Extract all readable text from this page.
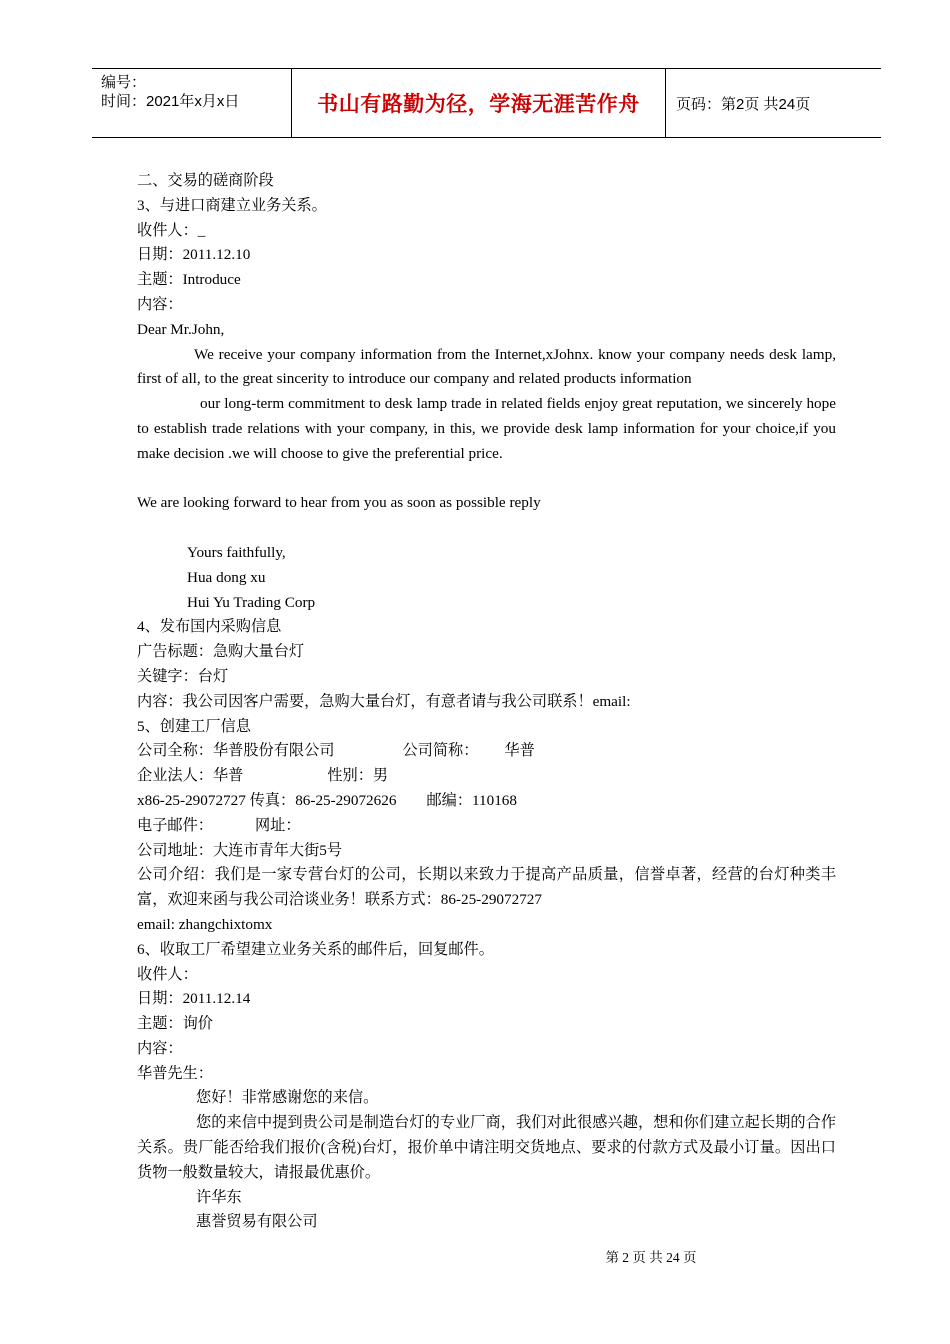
编号：
时间：2021年x月x日	书山有路勤为径，学海无涯苦作舟	页码：第2页 共24页

二、交易的磋商阶段

3、与进口商建立业务关系。

收件人：_

日期：2011.12.10

主题：Introduce

内容：

Dear Mr.John,

We receive your company information from the Internet,xJohnx. know your company needs desk lamp, first of all, to the great sincerity to introduce our company and related products information

our long-term commitment to desk lamp trade in related fields enjoy great reputation, we sincerely hope to establish trade relations with your company, in this, we provide desk lamp information for your choice,if you make decision .we will choose to give the preferential price.

We are looking forward to hear from you as soon as possible reply

Yours faithfully,

Hua dong xu

Hui Yu Trading Corp

4、发布国内采购信息

广告标题：急购大量台灯

关键字：台灯

内容：我公司因客户需要，急购大量台灯，有意者请与我公司联系！email:

5、创建工厂信息

公司全称：华普股份有限公司	公司简称： 华普

企业法人：华普	性别：男

x86-25-29072727 传真：86-25-29072626 邮编：110168

电子邮件：	网址：

公司地址：大连市青年大街5号

公司介绍：我们是一家专营台灯的公司，长期以来致力于提高产品质量，信誉卓著，经营的台灯种类丰富，欢迎来函与我公司洽谈业务！联系方式：86-25-29072727

email: zhangchixtomx

6、收取工厂希望建立业务关系的邮件后，回复邮件。

收件人：

日期：2011.12.14

主题：询价

内容：

华普先生：

您好！非常感谢您的来信。

您的来信中提到贵公司是制造台灯的专业厂商，我们对此很感兴趣，想和你们建立起长期的合作关系。贵厂能否给我们报价(含税)台灯，报价单中请注明交货地点、要求的付款方式及最小订量。因出口货物一般数量较大，请报最优惠价。

许华东

惠誉贸易有限公司

第 2 页 共 24 页
